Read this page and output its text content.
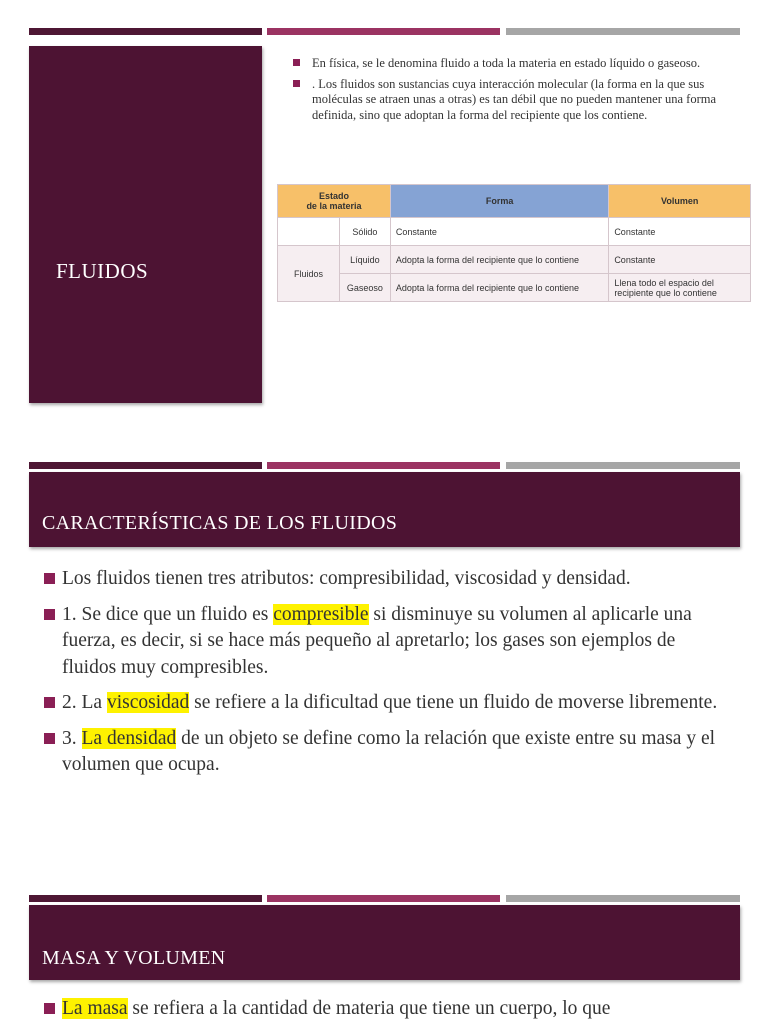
FLUIDOS
En física, se le denomina fluido a toda la materia en estado líquido o gaseoso.
. Los fluidos son sustancias cuya interacción molecular (la forma en la que sus moléculas se atraen unas a otras) es tan débil que no pueden mantener una forma definida, sino que adoptan la forma del recipiente que los contiene.
Estado
de la materia		Forma	Volumen
	Sólido	Constante	Constante
Fluidos	Líquido	Adopta la forma del recipiente que lo contiene	Constante
	Gaseoso	Adopta la forma del recipiente que lo contiene	Llena todo el espacio del recipiente que lo contiene
CARACTERÍSTICAS DE LOS FLUIDOS
Los fluidos tienen tres atributos: compresibilidad, viscosidad y densidad.
1. Se dice que un fluido es compresible si disminuye su volumen al aplicarle una fuerza, es decir, si se hace más pequeño al apretarlo; los gases son ejemplos de fluidos muy compresibles.
2. La viscosidad se refiere a la dificultad que tiene un fluido de moverse libremente.
3. La densidad de un objeto se define como la relación que existe entre su masa y el volumen que ocupa.
MASA Y VOLUMEN
La masa se refiera a la cantidad de materia que tiene un cuerpo, lo que
